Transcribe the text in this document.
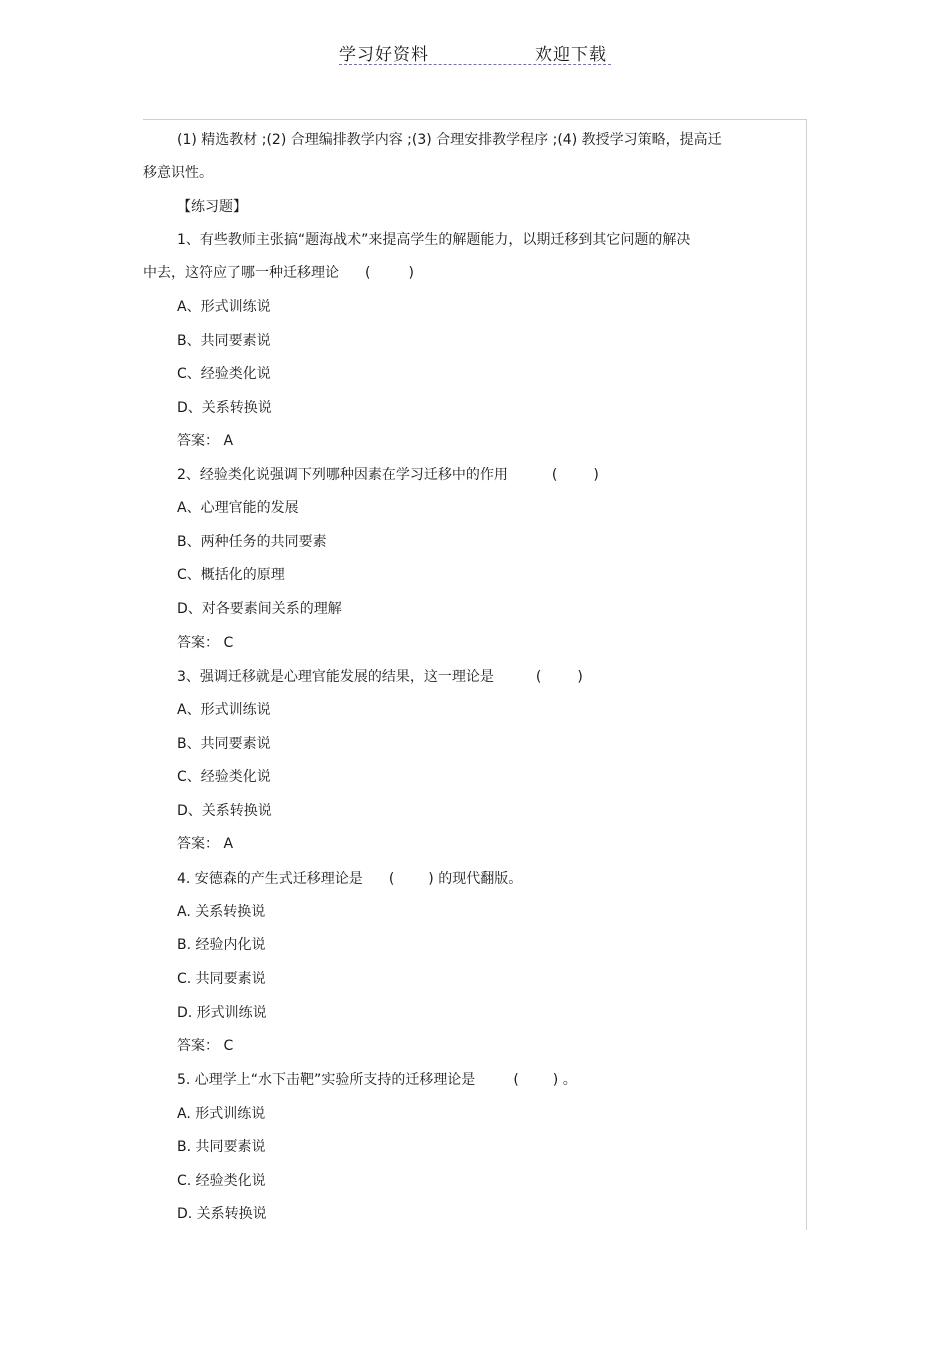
学习好资料	欢迎下载
(1) 精选教材 ;(2) 合理编排教学内容 ;(3) 合理安排教学程序 ;(4) 教授学习策略，提高迁
移意识性。
【练习题】
1、有些教师主张搞“题海战术”来提高学生的解题能力，以期迁移到其它问题的解决
中去，这符应了哪一种迁移理论 (	)
A、形式训练说
B、共同要素说
C、经验类化说
D、关系转换说
答案： A
2、经验类化说强调下列哪种因素在学习迁移中的作用	(	)
A、心理官能的发展
B、两种任务的共同要素
C、概括化的原理
D、对各要素间关系的理解
答案： C
3、强调迁移就是心理官能发展的结果，这一理论是	(	)
A、形式训练说
B、共同要素说
C、经验类化说
D、关系转换说
答案： A
4. 安德森的产生式迁移理论是 ( ) 的现代翻版。
A. 关系转换说
B. 经验内化说
C. 共同要素说
D. 形式训练说
答案： C
5. 心理学上“水下击靶”实验所支持的迁移理论是	( ) 。
A. 形式训练说
B. 共同要素说
C. 经验类化说
D. 关系转换说
